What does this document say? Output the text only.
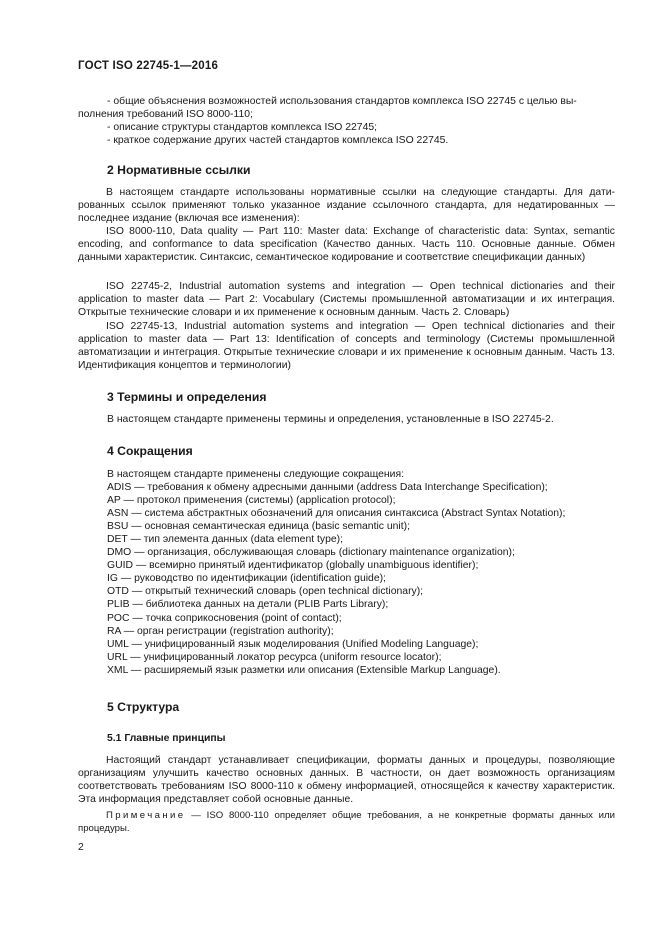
ГОСТ ISO 22745-1—2016
- общие объяснения возможностей использования стандартов комплекса ISO 22745 с целью вы-
полнения требований ISO 8000-110;
- описание структуры стандартов комплекса ISO 22745;
- краткое содержание других частей стандартов комплекса ISO 22745.
2 Нормативные ссылки
В настоящем стандарте использованы нормативные ссылки на следующие стандарты. Для датированных ссылок применяют только указанное издание ссылочного стандарта, для недатированных — последнее издание (включая все изменения):
ISO 8000-110, Data quality — Part 110: Master data: Exchange of characteristic data: Syntax, semantic encoding, and conformance to data specification (Качество данных. Часть 110. Основные данные. Обмен данными характеристик. Синтаксис, семантическое кодирование и соответствие спецификации данных)
ISO 22745-2, Industrial automation systems and integration — Open technical dictionaries and their application to master data — Part 2: Vocabulary (Системы промышленной автоматизации и их интеграция. Открытые технические словари и их применение к основным данным. Часть 2. Словарь)
ISO 22745-13, Industrial automation systems and integration — Open technical dictionaries and their application to master data — Part 13: Identification of concepts and terminology (Системы промышленной автоматизации и интеграция. Открытые технические словари и их применение к основным данным. Часть 13. Идентификация концептов и терминологии)
3 Термины и определения
В настоящем стандарте применены термины и определения, установленные в ISO 22745-2.
4 Сокращения
В настоящем стандарте применены следующие сокращения:
ADIS — требования к обмену адресными данными (address Data Interchange Specification);
AP — протокол применения (системы) (application protocol);
ASN — система абстрактных обозначений для описания синтаксиса (Abstract Syntax Notation);
BSU — основная семантическая единица (basic semantic unit);
DET — тип элемента данных (data element type);
DMO — организация, обслуживающая словарь (dictionary maintenance organization);
GUID — всемирно принятый идентификатор (globally unambiguous identifier);
IG — руководство по идентификации (identification guide);
OTD — открытый технический словарь (open technical dictionary);
PLIB — библиотека данных на детали (PLIB Parts Library);
POC — точка соприкосновения (point of contact);
RA — орган регистрации (registration authority);
UML — унифицированный язык моделирования (Unified Modeling Language);
URL — унифицированный локатор ресурса (uniform resource locator);
XML — расширяемый язык разметки или описания (Extensible Markup Language).
5 Структура
5.1 Главные принципы
Настоящий стандарт устанавливает спецификации, форматы данных и процедуры, позволяющие организациям улучшить качество основных данных. В частности, он дает возможность организациям соответствовать требованиям ISO 8000-110 к обмену информацией, относящейся к качеству характеристик. Эта информация представляет собой основные данные.
Примечание — ISO 8000-110 определяет общие требования, а не конкретные форматы данных или процедуры.
2
